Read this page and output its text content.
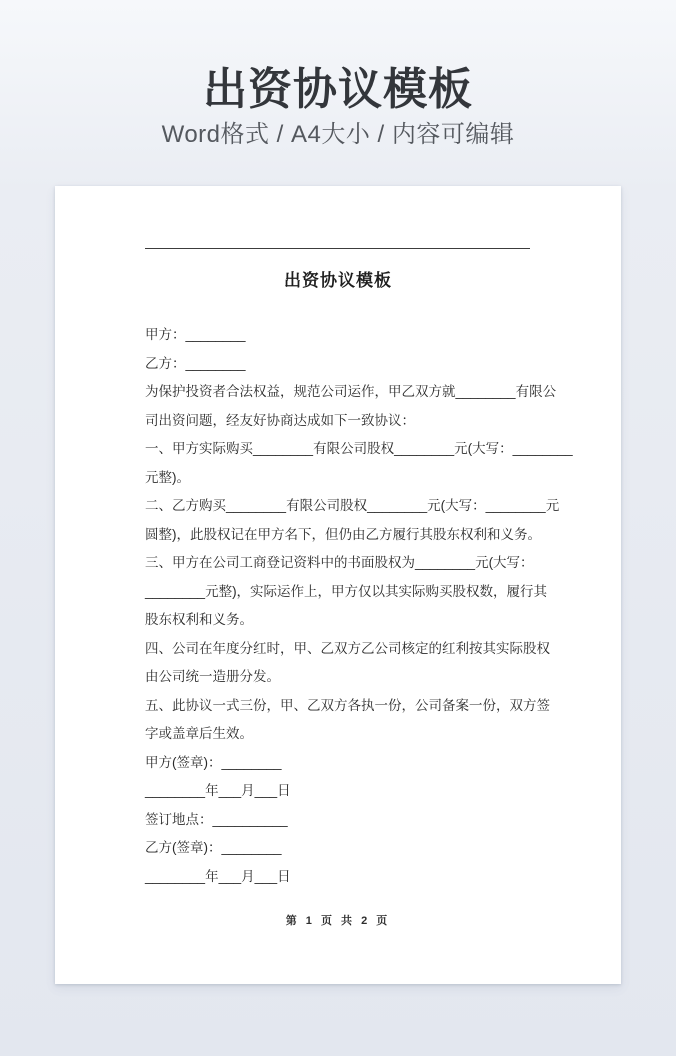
出资协议模板

Word格式 / A4大小 / 内容可编辑

出资协议模板
甲方：________
乙方：________
为保护投资者合法权益，规范公司运作，甲乙双方就________有限公
司出资问题，经友好协商达成如下一致协议：
一、甲方实际购买________有限公司股权________元(大写：________
元整)。
二、乙方购买________有限公司股权________元(大写：________元
圆整)，此股权记在甲方名下，但仍由乙方履行其股东权利和义务。
三、甲方在公司工商登记资料中的书面股权为________元(大写：
________元整)，实际运作上，甲方仅以其实际购买股权数，履行其
股东权利和义务。
四、公司在年度分红时，甲、乙双方乙公司核定的红利按其实际股权
由公司统一造册分发。
五、此协议一式三份，甲、乙双方各执一份，公司备案一份，双方签
字或盖章后生效。
甲方(签章)：________
________年___月___日
签订地点：__________
乙方(签章)：________
________年___月___日
第 1 页 共 2 页
